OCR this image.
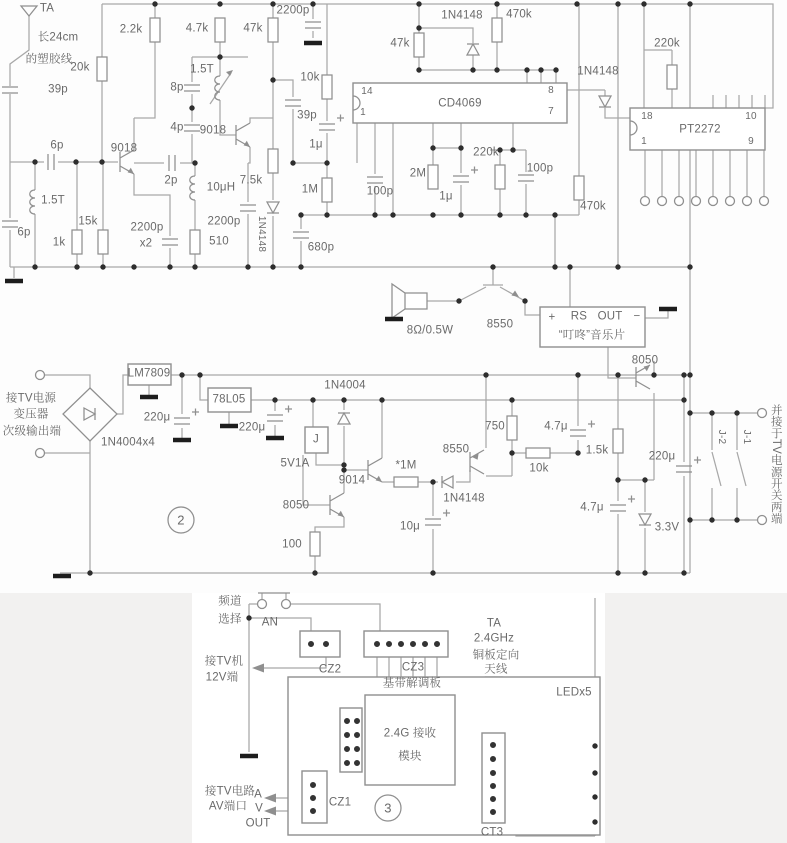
TA
长24cm
的塑胶线
39p
6p
1.5T
6p
1k
15k
9018
20k
2.2k
2p
2200p
x2
10μH
510
2200p
7.5k
1N4148	680p
1.5T
8p
4p 9018
39p
4.7k	47k
2200p
10k
1μ
1M	100p
CD4069
14
1
8
7
47k
1N4148 470k
2M
1μ
220k
100p
470k
1N4148
220k
PT2272
18
1
10
9
8Ω/0.5W	8550
+ RS OUT −
“叮咚”音乐片
8050
接TV电源
变压器
次级输出端
1N4004x4
LM7809
220μ
2
78L05
220μ
1N4004
J
5V1A
9014
*1M
8050
100
10μ
1N4148
8550
750
10k
4.7μ
1.5k	220μ
4.7μ
3.3V
J-1
J-2	并接于TV电源开关两端
频道
选择 AN
CZ2	CZ3
基带解调板
接TV机
12V端
2.4G 接收
模块
TA
2.4GHz
铜板定向
天线
LEDx5
CT3
CZ1
接TV电路
AV端口
A
V
OUT
3
